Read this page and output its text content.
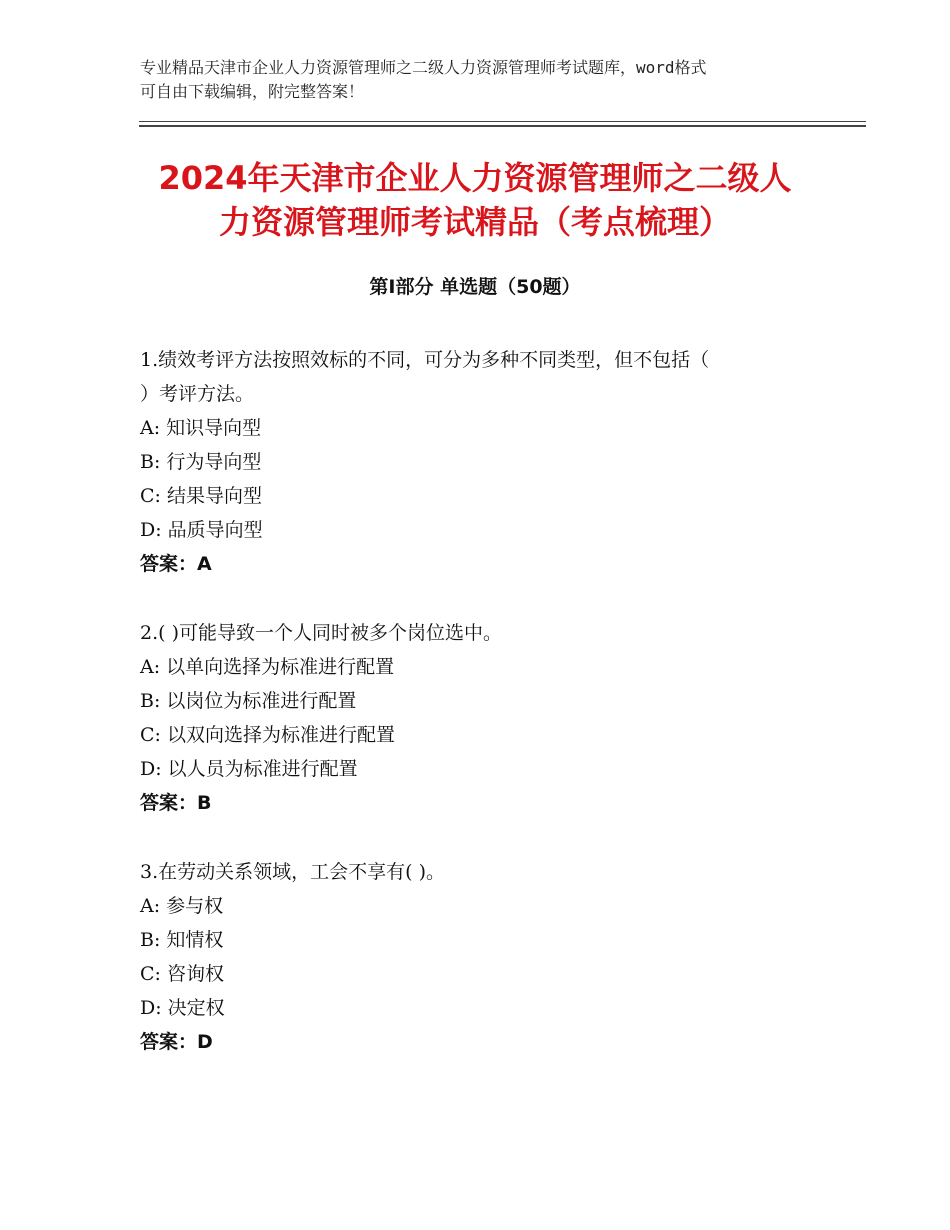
专业精品天津市企业人力资源管理师之二级人力资源管理师考试题库，word格式
可自由下载编辑，附完整答案！
2024年天津市企业人力资源管理师之二级人
力资源管理师考试精品（考点梳理）
第Ⅰ部分 单选题（50题）

1.绩效考评方法按照效标的不同，可分为多种不同类型，但不包括（

）考评方法。

A: 知识导向型

B: 行为导向型

C: 结果导向型

D: 品质导向型

答案：A

2.( )可能导致一个人同时被多个岗位选中。

A: 以单向选择为标准进行配置

B: 以岗位为标准进行配置

C: 以双向选择为标准进行配置

D: 以人员为标准进行配置

答案：B

3.在劳动关系领域，工会不享有( )。

A: 参与权

B: 知情权

C: 咨询权

D: 决定权

答案：D
